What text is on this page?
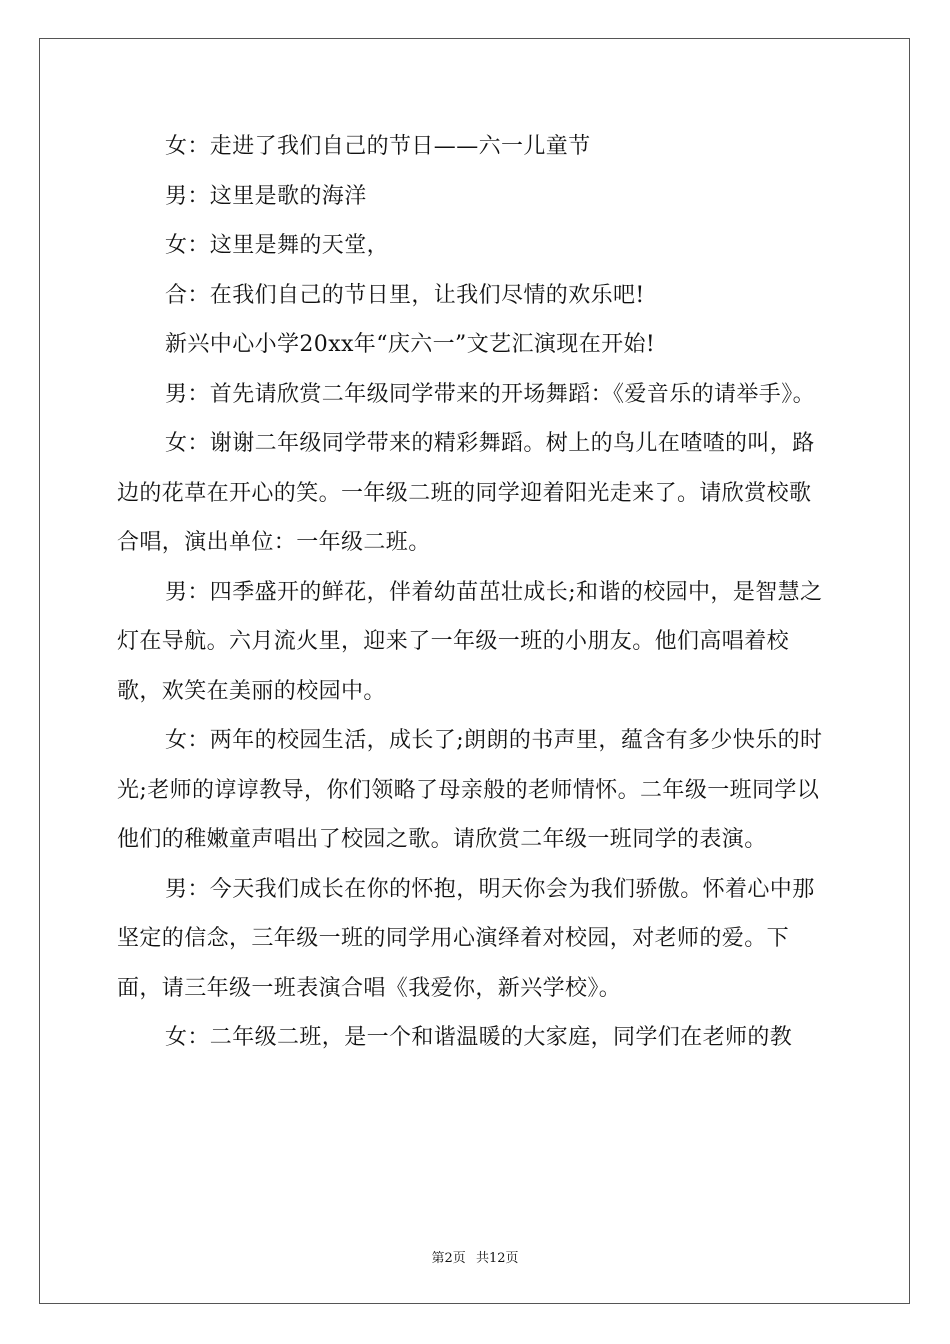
女：走进了我们自己的节日——六一儿童节

男：这里是歌的海洋

女：这里是舞的天堂，

合：在我们自己的节日里，让我们尽情的欢乐吧!

新兴中心小学20xx年“庆六一”文艺汇演现在开始!

男：首先请欣赏二年级同学带来的开场舞蹈：《爱音乐的请举手》。

女：谢谢二年级同学带来的精彩舞蹈。树上的鸟儿在喳喳的叫，路边的花草在开心的笑。一年级二班的同学迎着阳光走来了。请欣赏校歌合唱，演出单位：一年级二班。

男：四季盛开的鲜花，伴着幼苗茁壮成长;和谐的校园中，是智慧之灯在导航。六月流火里，迎来了一年级一班的小朋友。他们高唱着校歌，欢笑在美丽的校园中。

女：两年的校园生活，成长了;朗朗的书声里，蕴含有多少快乐的时光;老师的谆谆教导，你们领略了母亲般的老师情怀。二年级一班同学以他们的稚嫩童声唱出了校园之歌。请欣赏二年级一班同学的表演。

男：今天我们成长在你的怀抱，明天你会为我们骄傲。怀着心中那坚定的信念，三年级一班的同学用心演绎着对校园，对老师的爱。下面，请三年级一班表演合唱《我爱你，新兴学校》。

女：二年级二班，是一个和谐温暖的大家庭，同学们在老师的教

第2页 共12页
